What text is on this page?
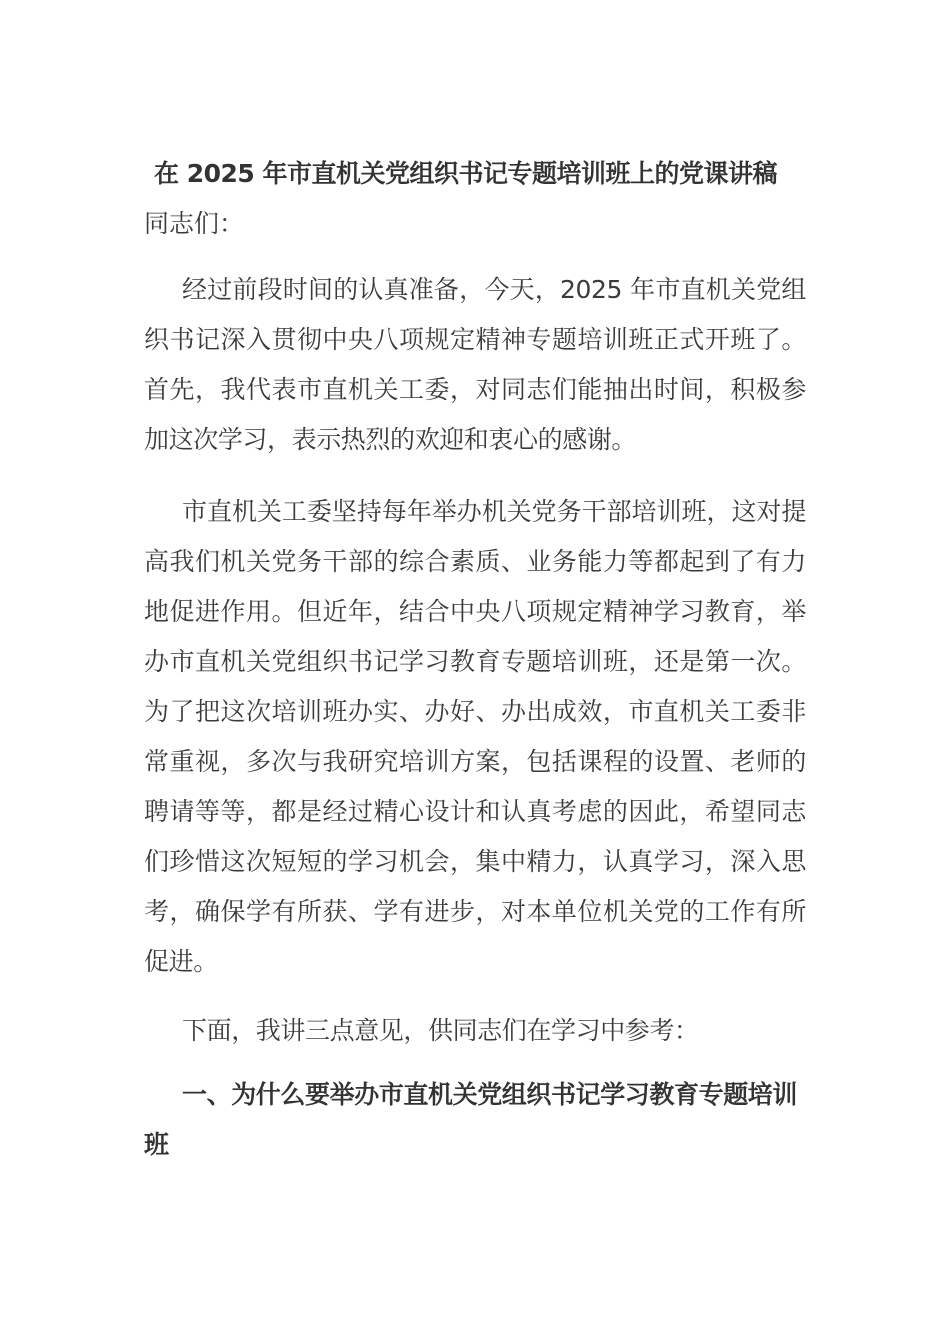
在 2025 年市直机关党组织书记专题培训班上的党课讲稿

同志们：

经过前段时间的认真准备，今天，2025 年市直机关党组织书记深入贯彻中央八项规定精神专题培训班正式开班了。首先，我代表市直机关工委，对同志们能抽出时间，积极参加这次学习，表示热烈的欢迎和衷心的感谢。

市直机关工委坚持每年举办机关党务干部培训班，这对提高我们机关党务干部的综合素质、业务能力等都起到了有力地促进作用。但近年，结合中央八项规定精神学习教育，举办市直机关党组织书记学习教育专题培训班，还是第一次。为了把这次培训班办实、办好、办出成效，市直机关工委非常重视，多次与我研究培训方案，包括课程的设置、老师的聘请等等，都是经过精心设计和认真考虑的因此，希望同志们珍惜这次短短的学习机会，集中精力，认真学习，深入思考，确保学有所获、学有进步，对本单位机关党的工作有所促进。

下面，我讲三点意见，供同志们在学习中参考：

一、为什么要举办市直机关党组织书记学习教育专题培训班
